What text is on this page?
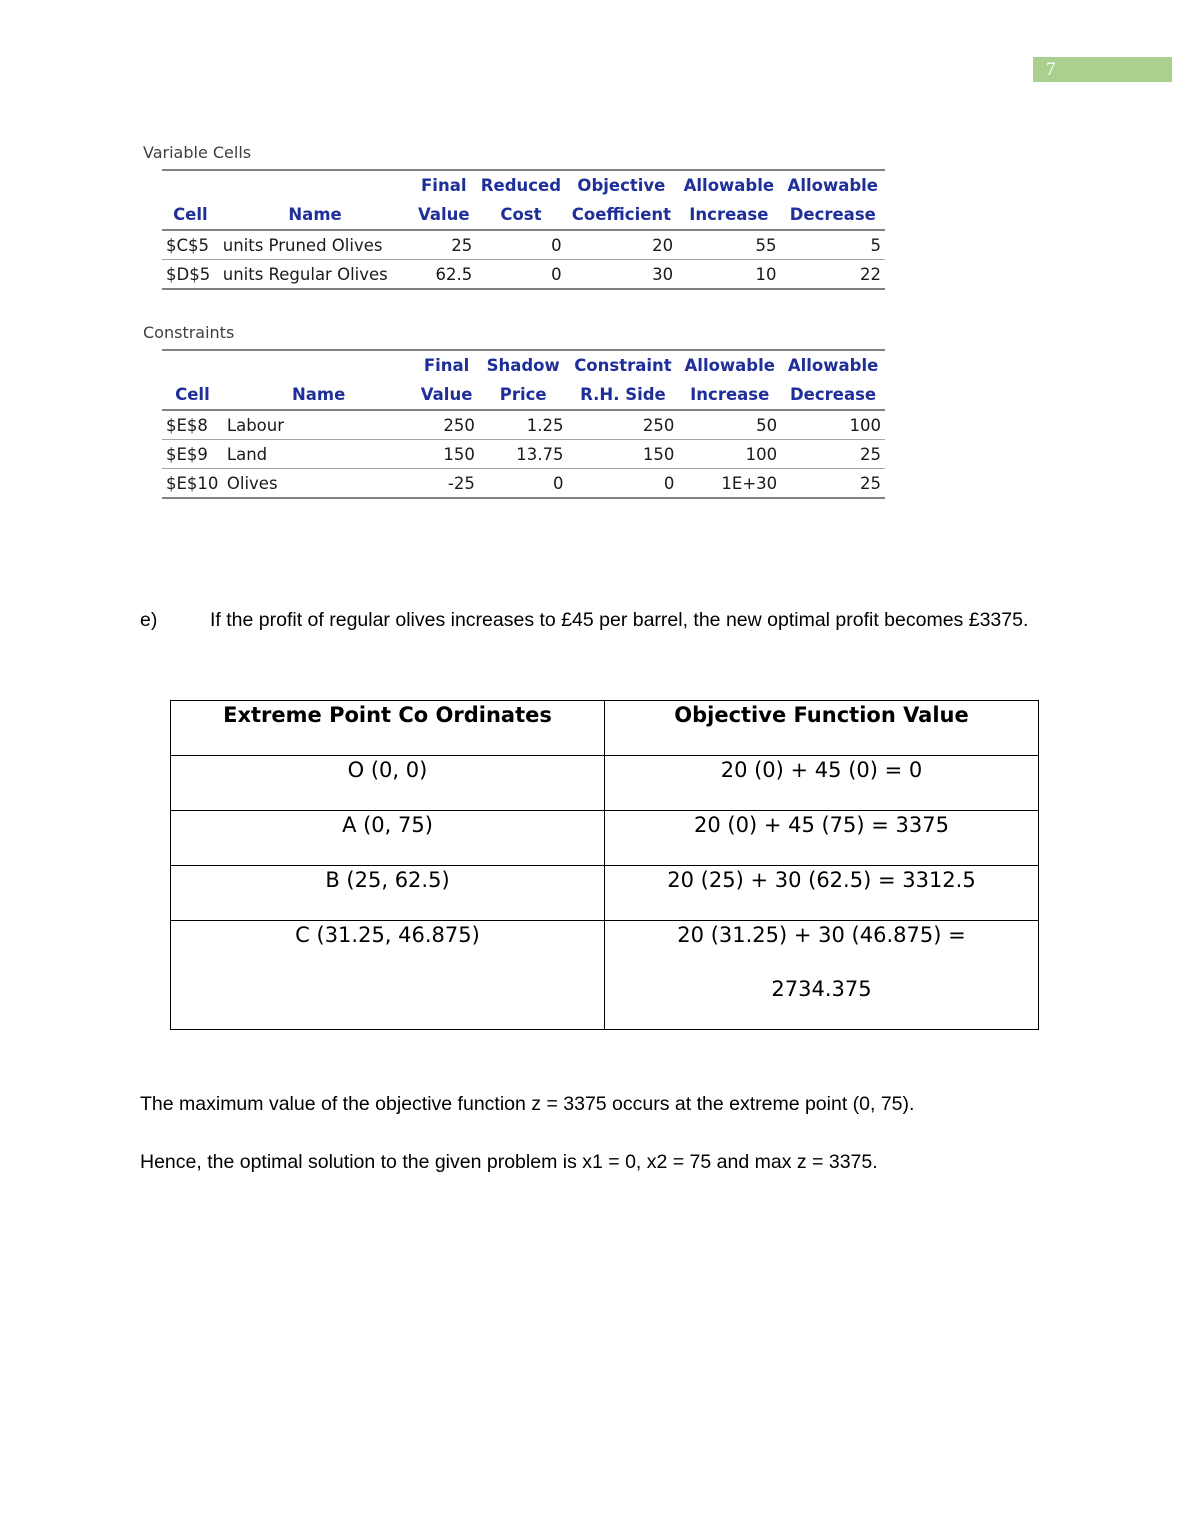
7
Variable Cells
		Final	Reduced	Objective	Allowable	Allowable
Cell	Name	Value	Cost	Coefficient	Increase	Decrease
$C$5	units Pruned Olives	25	0	20	55	5
$D$5	units Regular Olives	62.5	0	30	10	22
Constraints
		Final	Shadow	Constraint	Allowable	Allowable
Cell	Name	Value	Price	R.H. Side	Increase	Decrease
$E$8	Labour	250	1.25	250	50	100
$E$9	Land	150	13.75	150	100	25
$E$10	Olives	-25	0	0	1E+30	25
e)	If the profit of regular olives increases to £45 per barrel, the new optimal profit becomes £3375.
Extreme Point Co Ordinates	Objective Function Value
O (0, 0)	20 (0) + 45 (0) = 0
A (0, 75)	20 (0) + 45 (75) = 3375
B (25, 62.5)	20 (25) + 30 (62.5) = 3312.5
C (31.25, 46.875)	20 (31.25) + 30 (46.875) =
2734.375
The maximum value of the objective function z = 3375 occurs at the extreme point (0, 75).
Hence, the optimal solution to the given problem is x1 = 0, x2 = 75 and max z = 3375.
